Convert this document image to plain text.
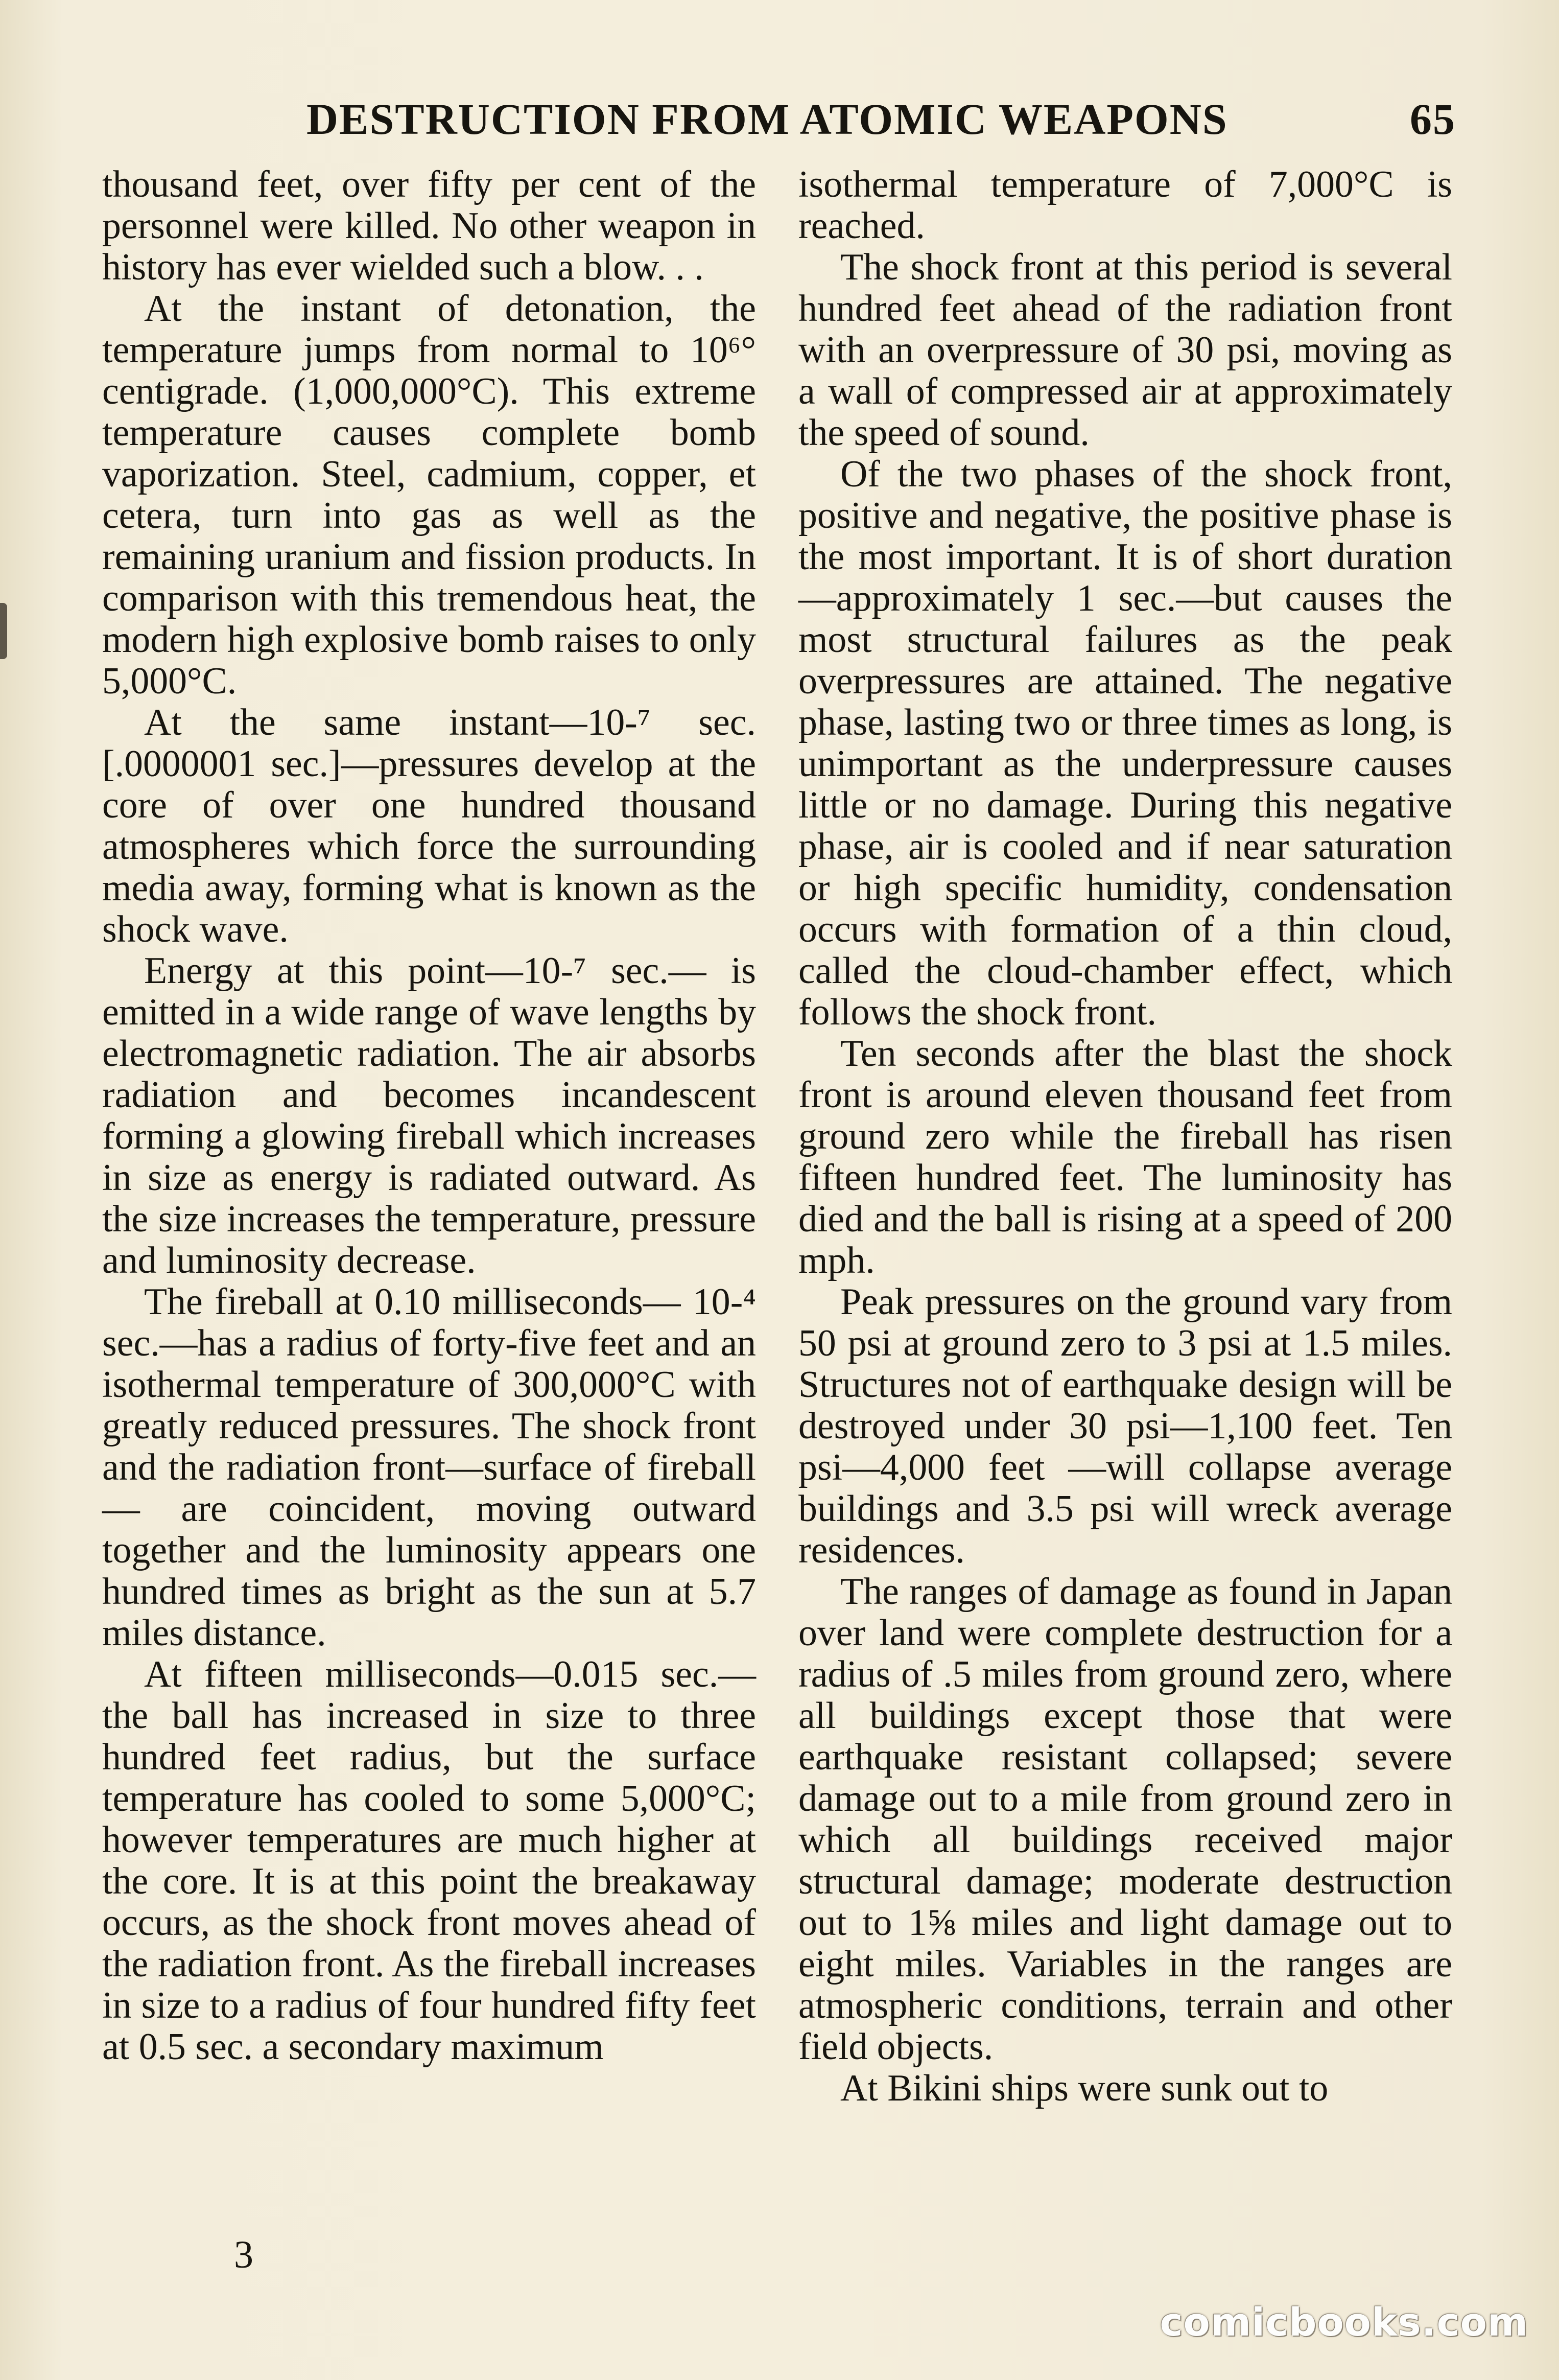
DESTRUCTION FROM ATOMIC WEAPONS	65

thousand feet, over fifty per cent of the personnel were killed. No other weapon in history has ever wielded such a blow. . .

At the instant of detonation, the temperature jumps from normal to 10⁶° centigrade. (1,000,000°C). This extreme temperature causes complete bomb vaporization. Steel, cadmium, copper, et cetera, turn into gas as well as the remaining uranium and fission products. In comparison with this tremendous heat, the modern high explosive bomb raises to only 5,000°C.

At the same instant—10-⁷ sec. [.0000001 sec.]—pressures develop at the core of over one hundred thousand atmospheres which force the surrounding media away, forming what is known as the shock wave.

Energy at this point—10-⁷ sec.— is emitted in a wide range of wave lengths by electromagnetic radiation. The air absorbs radiation and becomes incandescent forming a glowing fireball which increases in size as energy is radiated outward. As the size increases the temperature, pressure and luminosity decrease.

The fireball at 0.10 milliseconds— 10-⁴ sec.—has a radius of forty-five feet and an isothermal temperature of 300,000°C with greatly reduced pressures. The shock front and the radiation front—surface of fireball— are coincident, moving outward together and the luminosity appears one hundred times as bright as the sun at 5.7 miles distance.

At fifteen milliseconds—0.015 sec.— the ball has increased in size to three hundred feet radius, but the surface temperature has cooled to some 5,000°C; however temperatures are much higher at the core. It is at this point the breakaway occurs, as the shock front moves ahead of the radiation front. As the fireball increases in size to a radius of four hundred fifty feet at 0.5 sec. a secondary maximum

isothermal temperature of 7,000°C is reached.

The shock front at this period is several hundred feet ahead of the radiation front with an overpressure of 30 psi, moving as a wall of compressed air at approximately the speed of sound.

Of the two phases of the shock front, positive and negative, the positive phase is the most important. It is of short duration—approximately 1 sec.—but causes the most structural failures as the peak overpressures are attained. The negative phase, lasting two or three times as long, is unimportant as the underpressure causes little or no damage. During this negative phase, air is cooled and if near saturation or high specific humidity, condensation occurs with formation of a thin cloud, called the cloud-chamber effect, which follows the shock front.

Ten seconds after the blast the shock front is around eleven thousand feet from ground zero while the fireball has risen fifteen hundred feet. The luminosity has died and the ball is rising at a speed of 200 mph.

Peak pressures on the ground vary from 50 psi at ground zero to 3 psi at 1.5 miles. Structures not of earthquake design will be destroyed under 30 psi—1,100 feet. Ten psi—4,000 feet —will collapse average buildings and 3.5 psi will wreck average residences.

The ranges of damage as found in Japan over land were complete destruction for a radius of .5 miles from ground zero, where all buildings except those that were earthquake resistant collapsed; severe damage out to a mile from ground zero in which all buildings received major structural damage; moderate destruction out to 1⅝ miles and light damage out to eight miles. Variables in the ranges are atmospheric conditions, terrain and other field objects.

At Bikini ships were sunk out to

3
comicbooks.com
